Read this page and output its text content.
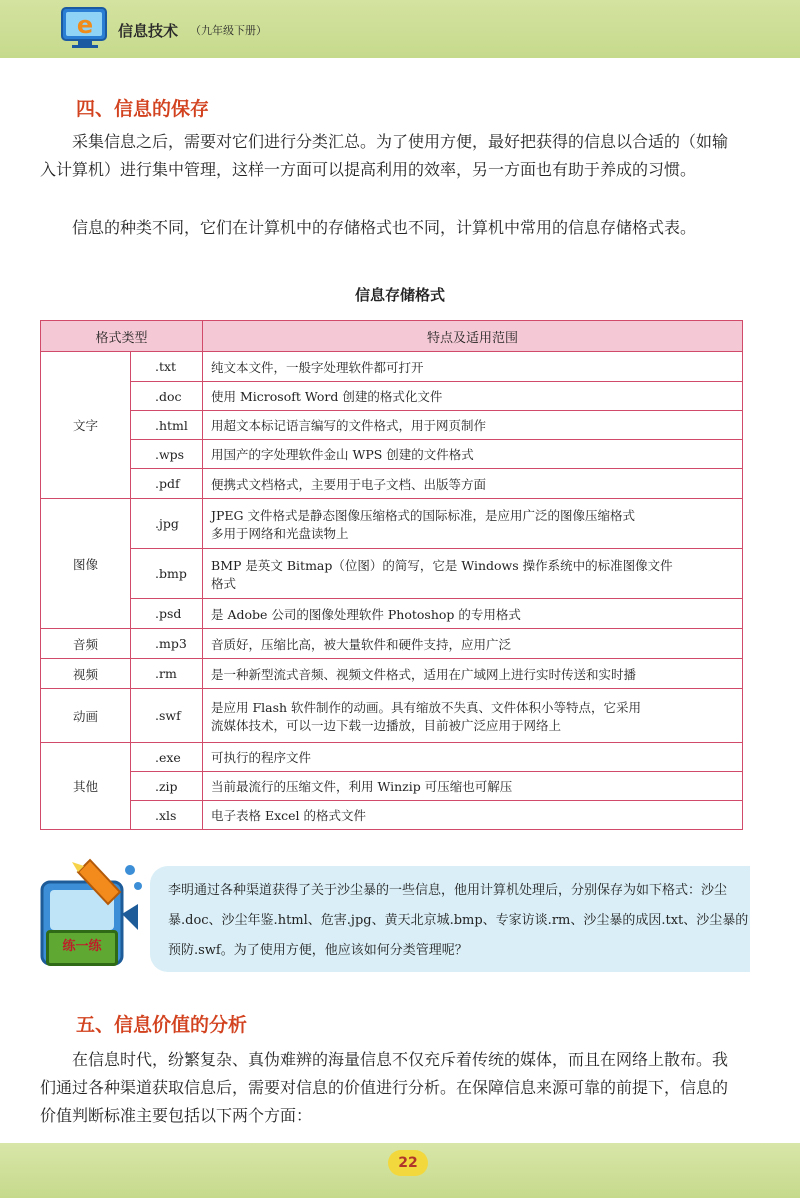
e 信息技术 （九年级下册）
四、信息的保存
采集信息之后，需要对它们进行分类汇总。为了使用方便，最好把获得的信息以合适的（如输入计算机）进行集中管理，这样一方面可以提高利用的效率，另一方面也有助于养成的习惯。
信息的种类不同，它们在计算机中的存储格式也不同，计算机中常用的信息存储格式表。
信息存储格式
格式类型		特点及适用范围
文字	.txt	纯文本文件，一般字处理软件都可打开
	.doc	使用 Microsoft Word 创建的格式化文件
	.html	用超文本标记语言编写的文件格式，用于网页制作
	.wps	用国产的字处理软件金山 WPS 创建的文件格式
	.pdf	便携式文档格式，主要用于电子文档、出版等方面
图像	.jpg	JPEG 文件格式是静态图像压缩格式的国际标准，是应用广泛的图像压缩格式
多用于网络和光盘读物上

	.bmp	BMP 是英文 Bitmap（位图）的简写，它是 Windows 操作系统中的标准图像文件
格式

	.psd	是 Adobe 公司的图像处理软件 Photoshop 的专用格式
音频	.mp3	音质好，压缩比高，被大量软件和硬件支持，应用广泛
视频	.rm	是一种新型流式音频、视频文件格式，适用在广域网上进行实时传送和实时播
动画	.swf	是应用 Flash 软件制作的动画。具有缩放不失真、文件体积小等特点，它采用
流媒体技术，可以一边下载一边播放，目前被广泛应用于网络上

其他	.exe	可执行的程序文件
	.zip	当前最流行的压缩文件，利用 Winzip 可压缩也可解压
	.xls	电子表格 Excel 的格式文件
李明通过各种渠道获得了关于沙尘暴的一些信息，他用计算机处理后，分别保存为如下格式：沙尘暴.doc、沙尘年鉴.html、危害.jpg、黄天北京城.bmp、专家访谈.rm、沙尘暴的成因.txt、沙尘暴的预防.swf。为了使用方便，他应该如何分类管理呢？
练一练
五、信息价值的分析
在信息时代，纷繁复杂、真伪难辨的海量信息不仅充斥着传统的媒体，而且在网络上散布。我们通过各种渠道获取信息后，需要对信息的价值进行分析。在保障信息来源可靠的前提下，信息的价值判断标准主要包括以下两个方面：
22
